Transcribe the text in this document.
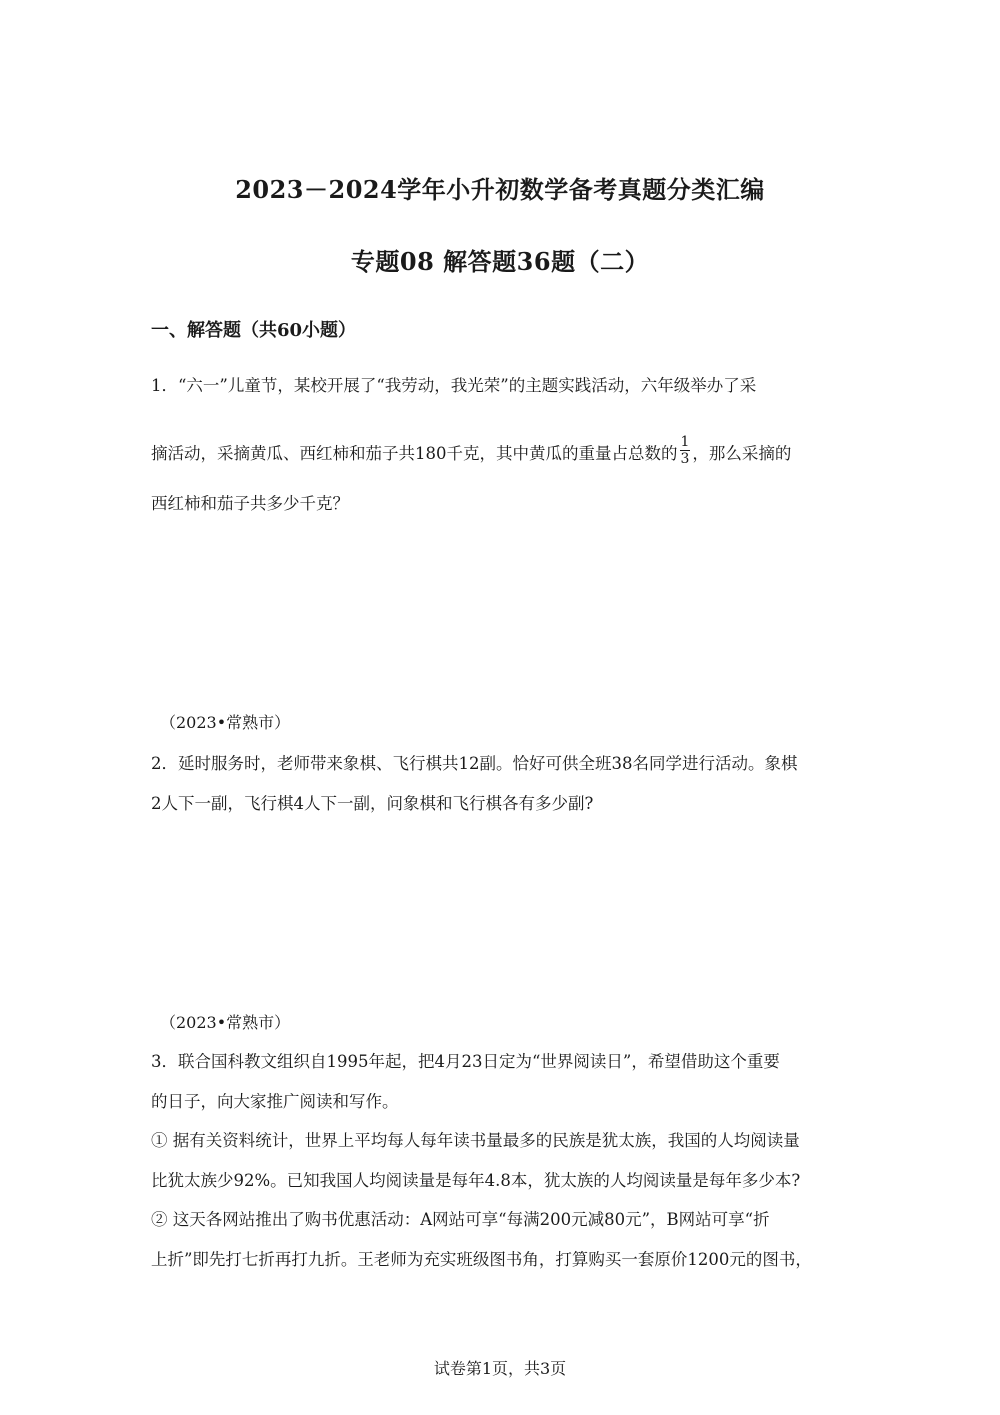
2023－2024学年小升初数学备考真题分类汇编
专题08 解答题36题（二）
一、解答题（共60小题）
1．“六一”儿童节，某校开展了“我劳动，我光荣”的主题实践活动，六年级举办了采
摘活动，采摘黄瓜、西红柿和茄子共180千克，其中黄瓜的重量占总数的 $\frac{1}{3}$ ，那么采摘的
西红柿和茄子共多少千克？
（2023•常熟市）
2．延时服务时，老师带来象棋、飞行棋共12副。恰好可供全班38名同学进行活动。象棋
2人下一副，飞行棋4人下一副，问象棋和飞行棋各有多少副?
（2023•常熟市）
3．联合国科教文组织自1995年起，把4月23日定为“世界阅读日”，希望借助这个重要
的日子，向大家推广阅读和写作。
① 据有关资料统计，世界上平均每人每年读书量最多的民族是犹太族，我国的人均阅读量
比犹太族少92%。已知我国人均阅读量是每年4.8本，犹太族的人均阅读量是每年多少本?
② 这天各网站推出了购书优惠活动：A网站可享“每满200元减80元”，B网站可享“折
上折”即先打七折再打九折。王老师为充实班级图书角，打算购买一套原价1200元的图书，
试卷第1页，共3页
